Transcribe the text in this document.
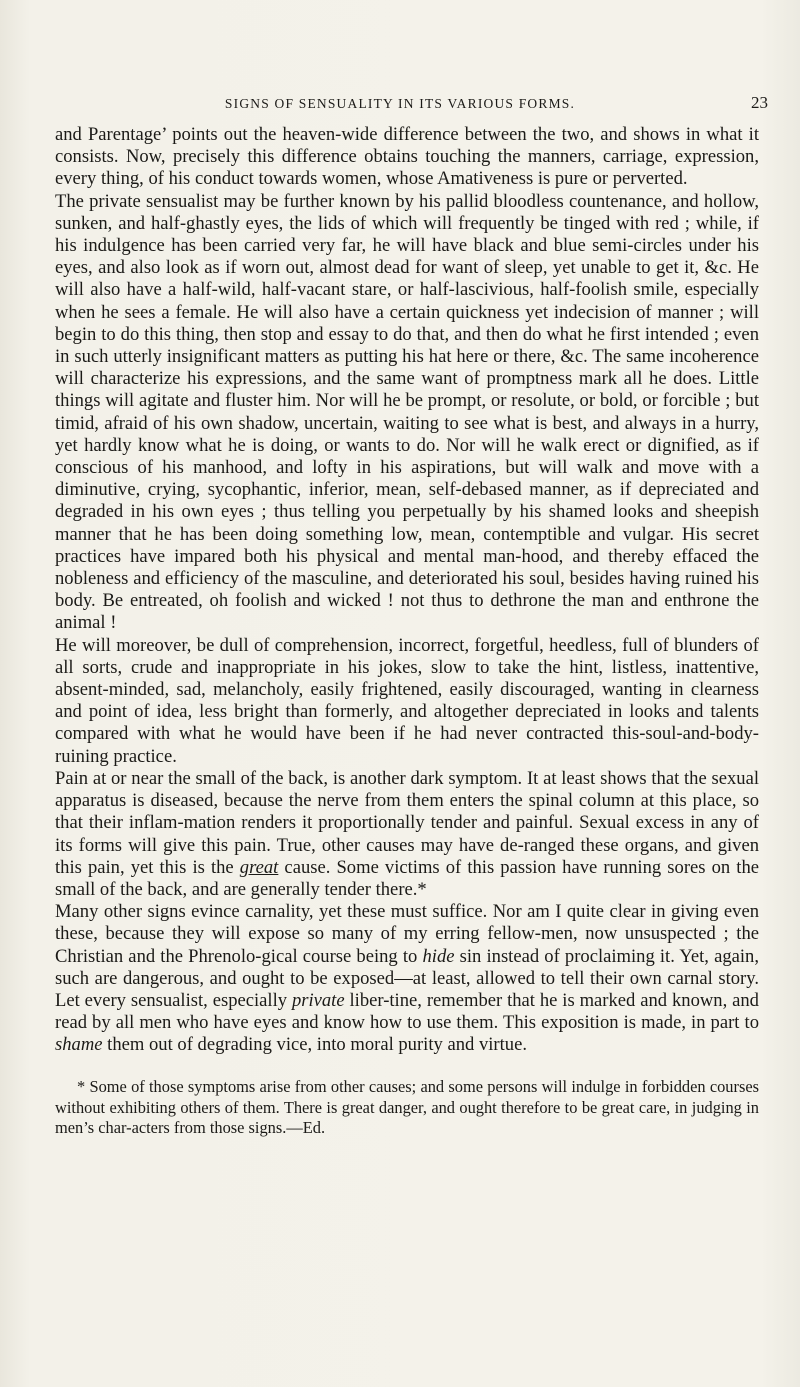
SIGNS OF SENSUALITY IN ITS VARIOUS FORMS.	23

and Parentage’ points out the heaven-wide difference between the two, and shows in what it consists. Now, precisely this difference obtains touching the manners, carriage, expression, every thing, of his conduct towards women, whose Amativeness is pure or perverted.

The private sensualist may be further known by his pallid bloodless countenance, and hollow, sunken, and half-ghastly eyes, the lids of which will frequently be tinged with red ; while, if his indulgence has been carried very far, he will have black and blue semi-circles under his eyes, and also look as if worn out, almost dead for want of sleep, yet unable to get it, &c. He will also have a half-wild, half-vacant stare, or half-lascivious, half-foolish smile, especially when he sees a female. He will also have a certain quickness yet indecision of manner ; will begin to do this thing, then stop and essay to do that, and then do what he first intended ; even in such utterly insignificant matters as putting his hat here or there, &c. The same incoherence will characterize his expressions, and the same want of promptness mark all he does. Little things will agitate and fluster him. Nor will he be prompt, or resolute, or bold, or forcible ; but timid, afraid of his own shadow, uncertain, waiting to see what is best, and always in a hurry, yet hardly know what he is doing, or wants to do. Nor will he walk erect or dignified, as if conscious of his manhood, and lofty in his aspirations, but will walk and move with a diminutive, crying, sycophantic, inferior, mean, self-debased manner, as if depreciated and degraded in his own eyes ; thus telling you perpetually by his shamed looks and sheepish manner that he has been doing something low, mean, contemptible and vulgar. His secret practices have impared both his physical and mental man-hood, and thereby effaced the nobleness and efficiency of the masculine, and deteriorated his soul, besides having ruined his body. Be entreated, oh foolish and wicked ! not thus to dethrone the man and enthrone the animal !

He will moreover, be dull of comprehension, incorrect, forgetful, heedless, full of blunders of all sorts, crude and inappropriate in his jokes, slow to take the hint, listless, inattentive, absent-minded, sad, melancholy, easily frightened, easily discouraged, wanting in clearness and point of idea, less bright than formerly, and altogether depreciated in looks and talents compared with what he would have been if he had never contracted this-soul-and-body-ruining practice.

Pain at or near the small of the back, is another dark symptom. It at least shows that the sexual apparatus is diseased, because the nerve from them enters the spinal column at this place, so that their inflam-mation renders it proportionally tender and painful. Sexual excess in any of its forms will give this pain. True, other causes may have de-ranged these organs, and given this pain, yet this is the great cause. Some victims of this passion have running sores on the small of the back, and are generally tender there.*

Many other signs evince carnality, yet these must suffice. Nor am I quite clear in giving even these, because they will expose so many of my erring fellow-men, now unsuspected ; the Christian and the Phrenolo-gical course being to hide sin instead of proclaiming it. Yet, again, such are dangerous, and ought to be exposed—at least, allowed to tell their own carnal story. Let every sensualist, especially private liber-tine, remember that he is marked and known, and read by all men who have eyes and know how to use them. This exposition is made, in part to shame them out of degrading vice, into moral purity and virtue.

* Some of those symptoms arise from other causes; and some persons will indulge in forbidden courses without exhibiting others of them. There is great danger, and ought therefore to be great care, in judging in men’s char-acters from those signs.—Ed.
